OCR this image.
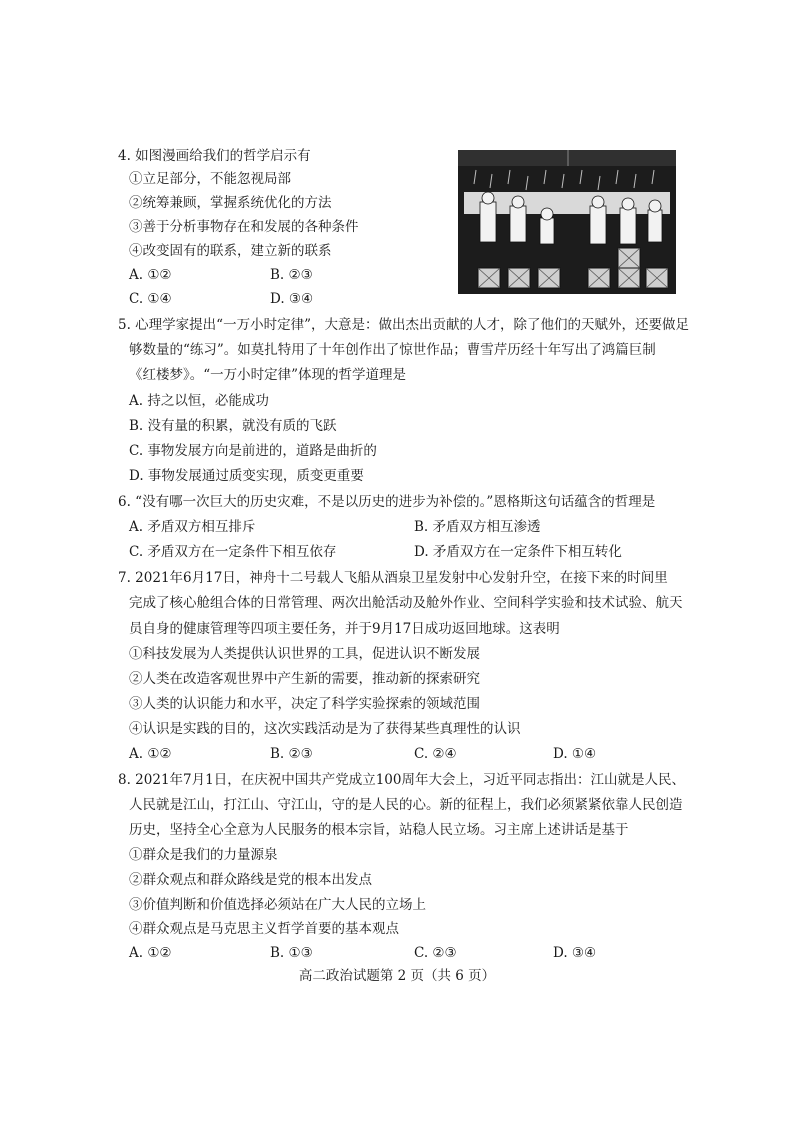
4. 如图漫画给我们的哲学启示有
①立足部分，不能忽视局部
②统筹兼顾，掌握系统优化的方法
③善于分析事物存在和发展的各种条件
④改变固有的联系，建立新的联系
A. ①②	B. ②③
C. ①④	D. ③④
5. 心理学家提出“一万小时定律”，大意是：做出杰出贡献的人才，除了他们的天赋外，还要做足
够数量的“练习”。如莫扎特用了十年创作出了惊世作品；曹雪芹历经十年写出了鸿篇巨制
《红楼梦》。“一万小时定律”体现的哲学道理是
A. 持之以恒，必能成功
B. 没有量的积累，就没有质的飞跃
C. 事物发展方向是前进的，道路是曲折的
D. 事物发展通过质变实现，质变更重要
6. “没有哪一次巨大的历史灾难，不是以历史的进步为补偿的。”恩格斯这句话蕴含的哲理是
A. 矛盾双方相互排斥	B. 矛盾双方相互渗透
C. 矛盾双方在一定条件下相互依存	D. 矛盾双方在一定条件下相互转化
7. 2021年6月17日，神舟十二号载人飞船从酒泉卫星发射中心发射升空，在接下来的时间里
完成了核心舱组合体的日常管理、两次出舱活动及舱外作业、空间科学实验和技术试验、航天
员自身的健康管理等四项主要任务，并于9月17日成功返回地球。这表明
①科技发展为人类提供认识世界的工具，促进认识不断发展
②人类在改造客观世界中产生新的需要，推动新的探索研究
③人类的认识能力和水平，决定了科学实验探索的领域范围
④认识是实践的目的，这次实践活动是为了获得某些真理性的认识
A. ①②	B. ②③	C. ②④	D. ①④
8. 2021年7月1日，在庆祝中国共产党成立100周年大会上，习近平同志指出：江山就是人民、
人民就是江山，打江山、守江山，守的是人民的心。新的征程上，我们必须紧紧依靠人民创造
历史，坚持全心全意为人民服务的根本宗旨，站稳人民立场。习主席上述讲话是基于
①群众是我们的力量源泉
②群众观点和群众路线是党的根本出发点
③价值判断和价值选择必须站在广大人民的立场上
④群众观点是马克思主义哲学首要的基本观点
A. ①②	B. ①③	C. ②③	D. ③④
高二政治试题第 2 页（共 6 页）
